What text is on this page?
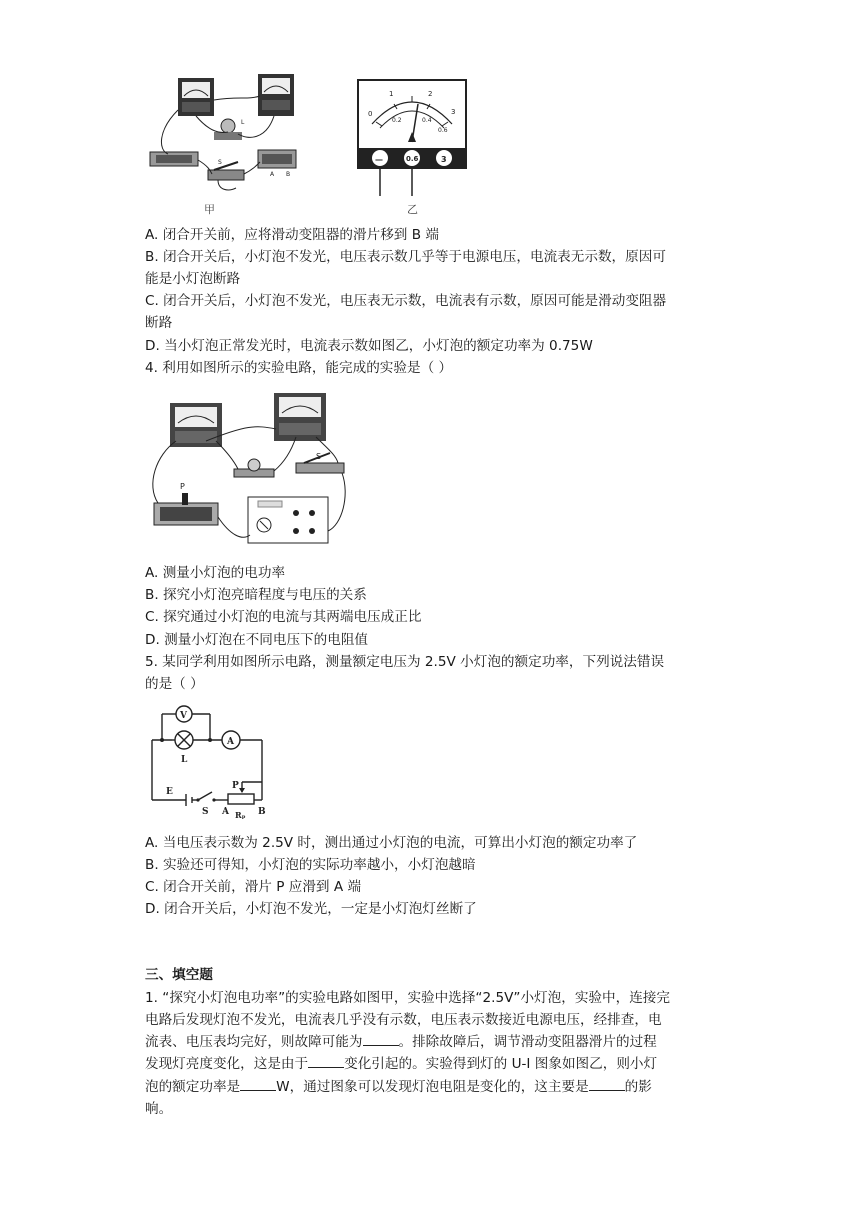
L
S
A B
甲
0
1	2
3
0.2	0.4
0.6
—	0.6	3
乙
A. 闭合开关前，应将滑动变阻器的滑片移到 B 端
B. 闭合开关后，小灯泡不发光，电压表示数几乎等于电源电压，电流表无示数，原因可
能是小灯泡断路
C. 闭合开关后，小灯泡不发光，电压表无示数，电流表有示数，原因可能是滑动变阻器
断路
D. 当小灯泡正常发光时，电流表示数如图乙，小灯泡的额定功率为 0.75W
4. 利用如图所示的实验电路，能完成的实验是（ ）
S
P
A. 测量小灯泡的电功率
B. 探究小灯泡亮暗程度与电压的关系
C. 探究通过小灯泡的电流与其两端电压成正比
D. 测量小灯泡在不同电压下的电阻值
5. 某同学利用如图所示电路，测量额定电压为 2.5V 小灯泡的额定功率，下列说法错误
的是（ ）
V
A
L
E
S
P
A	B
Rₚ
A. 当电压表示数为 2.5V 时，测出通过小灯泡的电流，可算出小灯泡的额定功率了
B. 实验还可得知，小灯泡的实际功率越小，小灯泡越暗
C. 闭合开关前，滑片 P 应滑到 A 端
D. 闭合开关后，小灯泡不发光，一定是小灯泡灯丝断了
三、填空题
1. “探究小灯泡电功率”的实验电路如图甲，实验中选择“2.5V”小灯泡，实验中，连接完
电路后发现灯泡不发光，电流表几乎没有示数，电压表示数接近电源电压，经排查，电
流表、电压表均完好，则故障可能为	。排除故障后，调节滑动变阻器滑片的过程
发现灯亮度变化，这是由于	变化引起的。实验得到灯的 U-I 图象如图乙，则小灯
泡的额定功率是	W，通过图象可以发现灯泡电阻是变化的，这主要是	的影
响。
